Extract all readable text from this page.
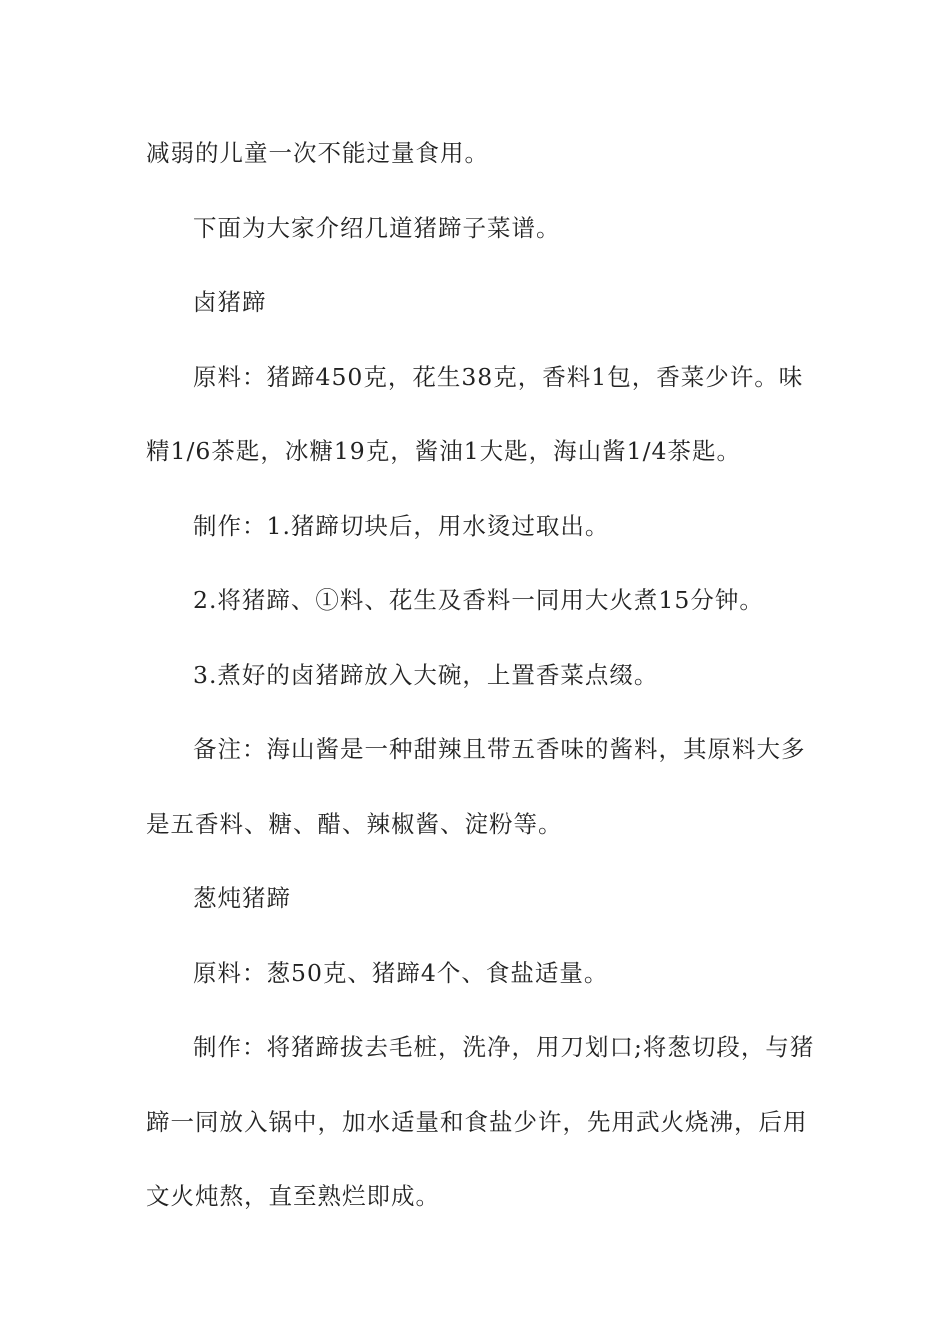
减弱的儿童一次不能过量食用。
下面为大家介绍几道猪蹄子菜谱。
卤猪蹄
原料：猪蹄450克，花生38克，香料1包，香菜少许。味
精1/6茶匙，冰糖19克，酱油1大匙，海山酱1/4茶匙。
制作：1.猪蹄切块后，用水烫过取出。
2.将猪蹄、①料、花生及香料一同用大火煮15分钟。
3.煮好的卤猪蹄放入大碗，上置香菜点缀。
备注：海山酱是一种甜辣且带五香味的酱料，其原料大多
是五香料、糖、醋、辣椒酱、淀粉等。
葱炖猪蹄
原料：葱50克、猪蹄4个、食盐适量。
制作：将猪蹄拔去毛桩，洗净，用刀划口;将葱切段，与猪
蹄一同放入锅中，加水适量和食盐少许，先用武火烧沸，后用
文火炖熬，直至熟烂即成。
